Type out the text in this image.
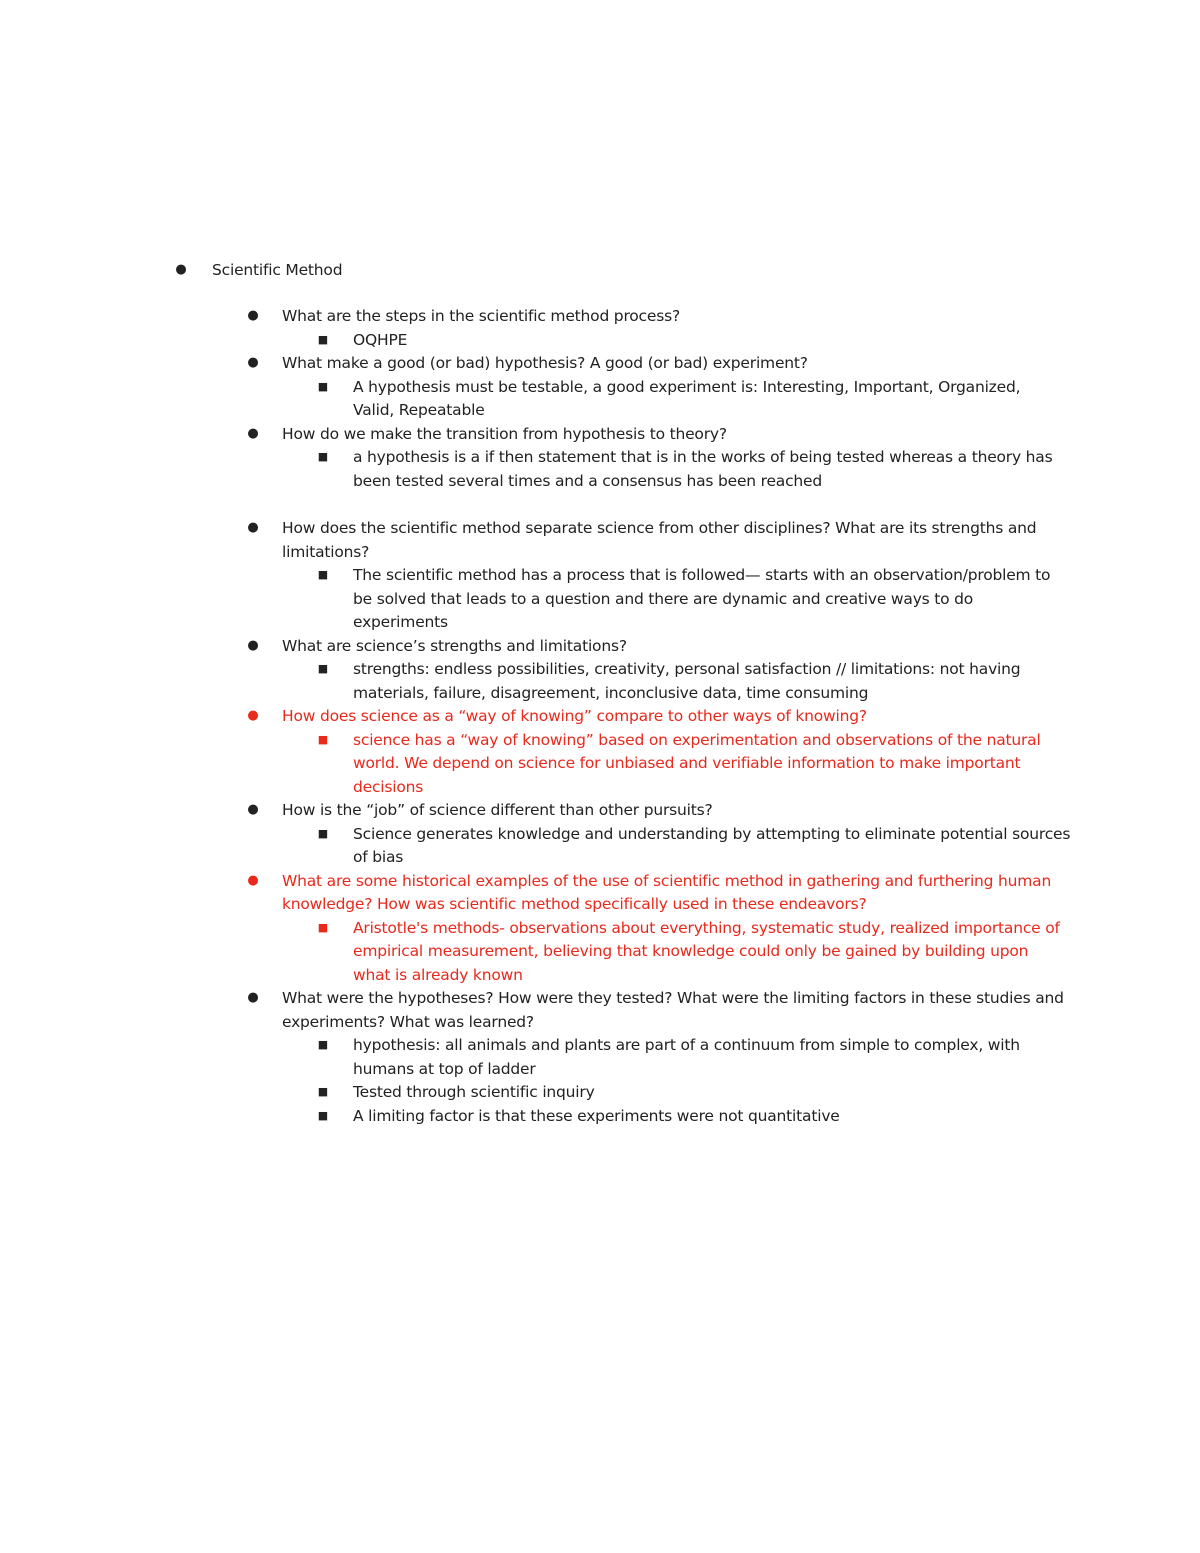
● Scientific Method
● What are the steps in the scientific method process?
■ OQHPE
● What make a good (or bad) hypothesis? A good (or bad) experiment?
■ A hypothesis must be testable, a good experiment is: Interesting, Important, Organized,
Valid, Repeatable
● How do we make the transition from hypothesis to theory?
■ a hypothesis is a if then statement that is in the works of being tested whereas a theory has
been tested several times and a consensus has been reached
● How does the scientific method separate science from other disciplines? What are its strengths and
limitations?
■ The scientific method has a process that is followed— starts with an observation/problem to
be solved that leads to a question and there are dynamic and creative ways to do
experiments
● What are science’s strengths and limitations?
■ strengths: endless possibilities, creativity, personal satisfaction // limitations: not having
materials, failure, disagreement, inconclusive data, time consuming
● How does science as a “way of knowing” compare to other ways of knowing?
■ science has a “way of knowing” based on experimentation and observations of the natural
world. We depend on science for unbiased and verifiable information to make important
decisions
● How is the “job” of science different than other pursuits?
■ Science generates knowledge and understanding by attempting to eliminate potential sources
of bias
● What are some historical examples of the use of scientific method in gathering and furthering human
knowledge? How was scientific method specifically used in these endeavors?
■ Aristotle's methods- observations about everything, systematic study, realized importance of
empirical measurement, believing that knowledge could only be gained by building upon
what is already known
● What were the hypotheses? How were they tested? What were the limiting factors in these studies and
experiments? What was learned?
■ hypothesis: all animals and plants are part of a continuum from simple to complex, with
humans at top of ladder
■ Tested through scientific inquiry
■ A limiting factor is that these experiments were not quantitative
